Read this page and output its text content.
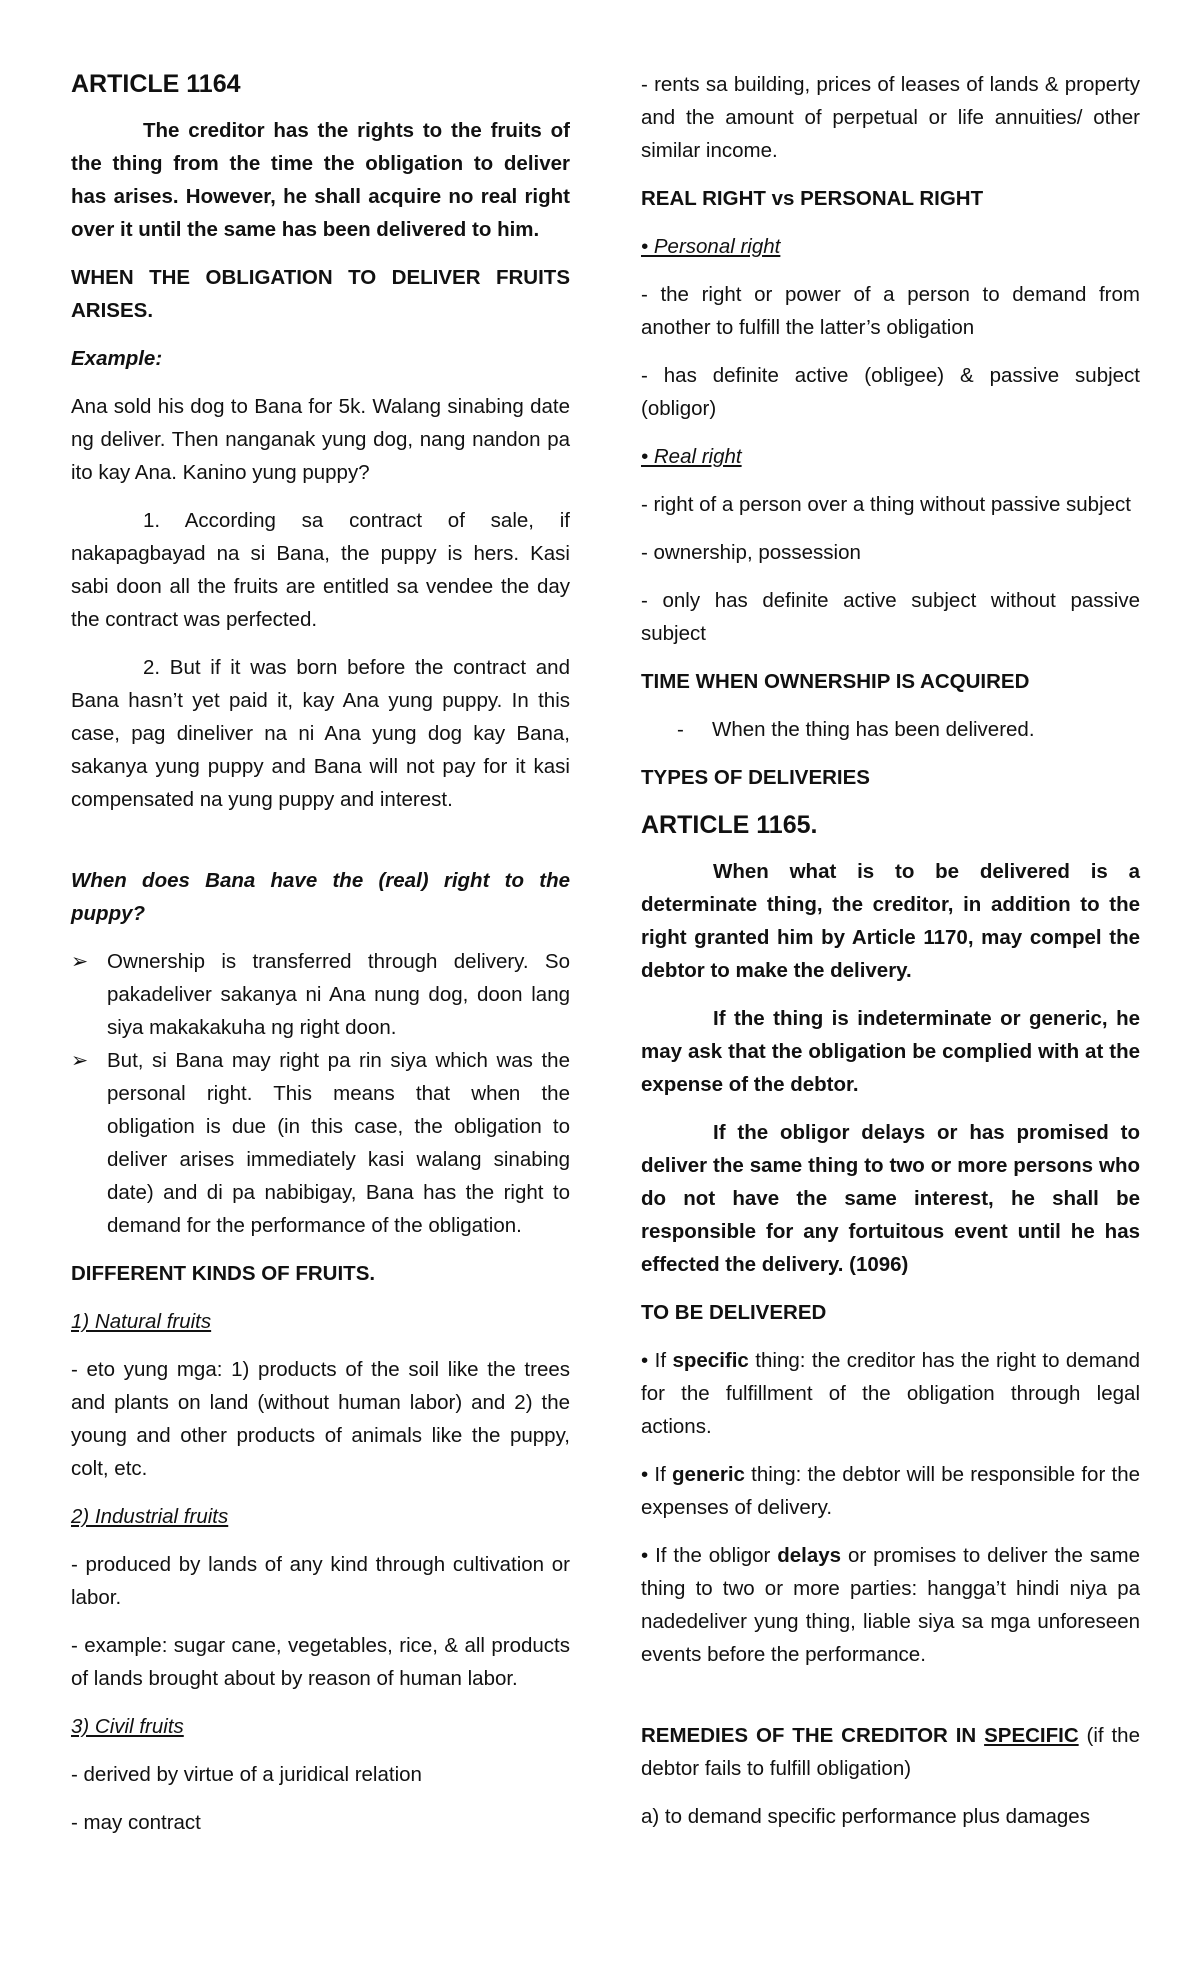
ARTICLE 1164

The creditor has the rights to the fruits of the thing from the time the obligation to deliver has arises. However, he shall acquire no real right over it until the same has been delivered to him.

WHEN THE OBLIGATION TO DELIVER FRUITS ARISES.

Example:

Ana sold his dog to Bana for 5k. Walang sinabing date ng deliver. Then nanganak yung dog, nang nandon pa ito kay Ana. Kanino yung puppy?

1. According sa contract of sale, if nakapagbayad na si Bana, the puppy is hers. Kasi sabi doon all the fruits are entitled sa vendee the day the contract was perfected.

2. But if it was born before the contract and Bana hasn’t yet paid it, kay Ana yung puppy. In this case, pag dineliver na ni Ana yung dog kay Bana, sakanya yung puppy and Bana will not pay for it kasi compensated na yung puppy and interest.

When does Bana have the (real) right to the puppy?

➢ Ownership is transferred through delivery. So pakadeliver sakanya ni Ana nung dog, doon lang siya makakakuha ng right doon.
➢ But, si Bana may right pa rin siya which was the personal right. This means that when the obligation is due (in this case, the obligation to deliver arises immediately kasi walang sinabing date) and di pa nabibigay, Bana has the right to demand for the performance of the obligation.

DIFFERENT KINDS OF FRUITS.

1) Natural fruits

- eto yung mga: 1) products of the soil like the trees and plants on land (without human labor) and 2) the young and other products of animals like the puppy, colt, etc.

2) Industrial fruits

- produced by lands of any kind through cultivation or labor.

- example: sugar cane, vegetables, rice, & all products of lands brought about by reason of human labor.

3) Civil fruits

- derived by virtue of a juridical relation

- may contract

- rents sa building, prices of leases of lands & property and the amount of perpetual or life annuities/ other similar income.

REAL RIGHT vs PERSONAL RIGHT

• Personal right

- the right or power of a person to demand from another to fulfill the latter’s obligation

- has definite active (obligee) & passive subject (obligor)

• Real right

- right of a person over a thing without passive subject

- ownership, possession

- only has definite active subject without passive subject

TIME WHEN OWNERSHIP IS ACQUIRED

- When the thing has been delivered.

TYPES OF DELIVERIES

ARTICLE 1165.

When what is to be delivered is a determinate thing, the creditor, in addition to the right granted him by Article 1170, may compel the debtor to make the delivery.

If the thing is indeterminate or generic, he may ask that the obligation be complied with at the expense of the debtor.

If the obligor delays or has promised to deliver the same thing to two or more persons who do not have the same interest, he shall be responsible for any fortuitous event until he has effected the delivery. (1096)

TO BE DELIVERED

• If specific thing: the creditor has the right to demand for the fulfillment of the obligation through legal actions.

• If generic thing: the debtor will be responsible for the expenses of delivery.

• If the obligor delays or promises to deliver the same thing to two or more parties: hangga’t hindi niya pa nadedeliver yung thing, liable siya sa mga unforeseen events before the performance.

REMEDIES OF THE CREDITOR IN SPECIFIC (if the debtor fails to fulfill obligation)

a) to demand specific performance plus damages
